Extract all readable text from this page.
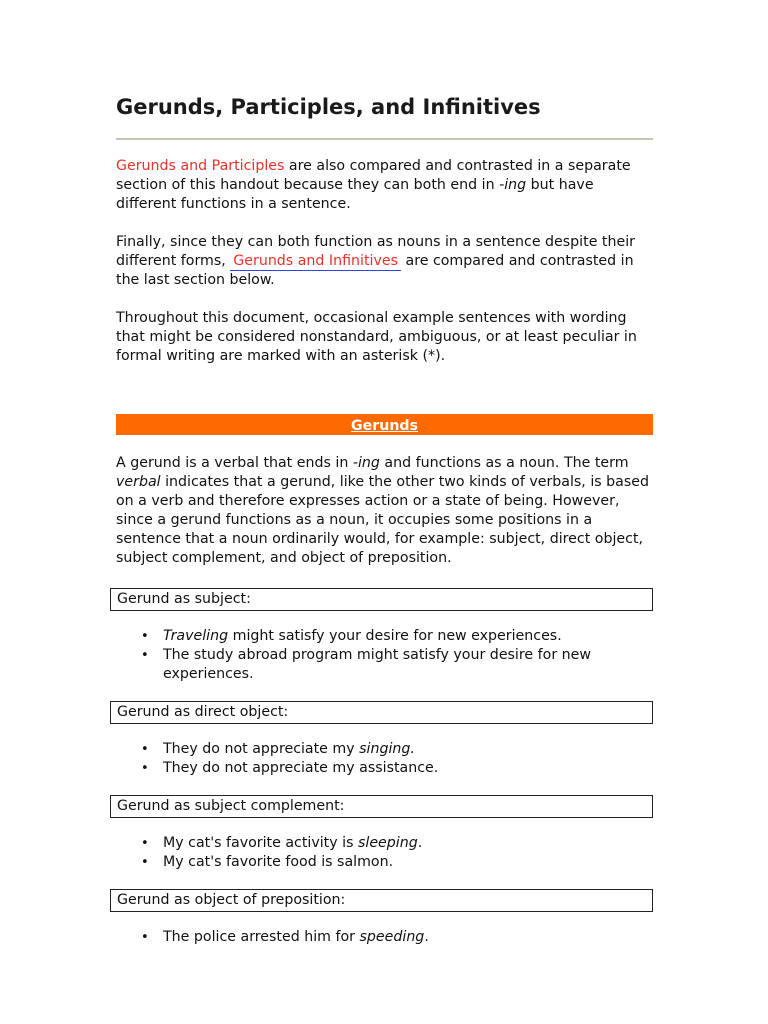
Gerunds, Participles, and Infinitives

Gerunds and Participles are also compared and contrasted in a separate section of this handout because they can both end in -ing but have different functions in a sentence.

Finally, since they can both function as nouns in a sentence despite their different forms, Gerunds and Infinitives are compared and contrasted in the last section below.

Throughout this document, occasional example sentences with wording that might be considered nonstandard, ambiguous, or at least peculiar in formal writing are marked with an asterisk (*).

Gerunds

A gerund is a verbal that ends in -ing and functions as a noun. The term verbal indicates that a gerund, like the other two kinds of verbals, is based on a verb and therefore expresses action or a state of being. However, since a gerund functions as a noun, it occupies some positions in a sentence that a noun ordinarily would, for example: subject, direct object, subject complement, and object of preposition.

Gerund as subject:
• Traveling might satisfy your desire for new experiences.
• The study abroad program might satisfy your desire for new experiences.
Gerund as direct object:
• They do not appreciate my singing.
• They do not appreciate my assistance.
Gerund as subject complement:
• My cat's favorite activity is sleeping.
• My cat's favorite food is salmon.
Gerund as object of preposition:
• The police arrested him for speeding.
